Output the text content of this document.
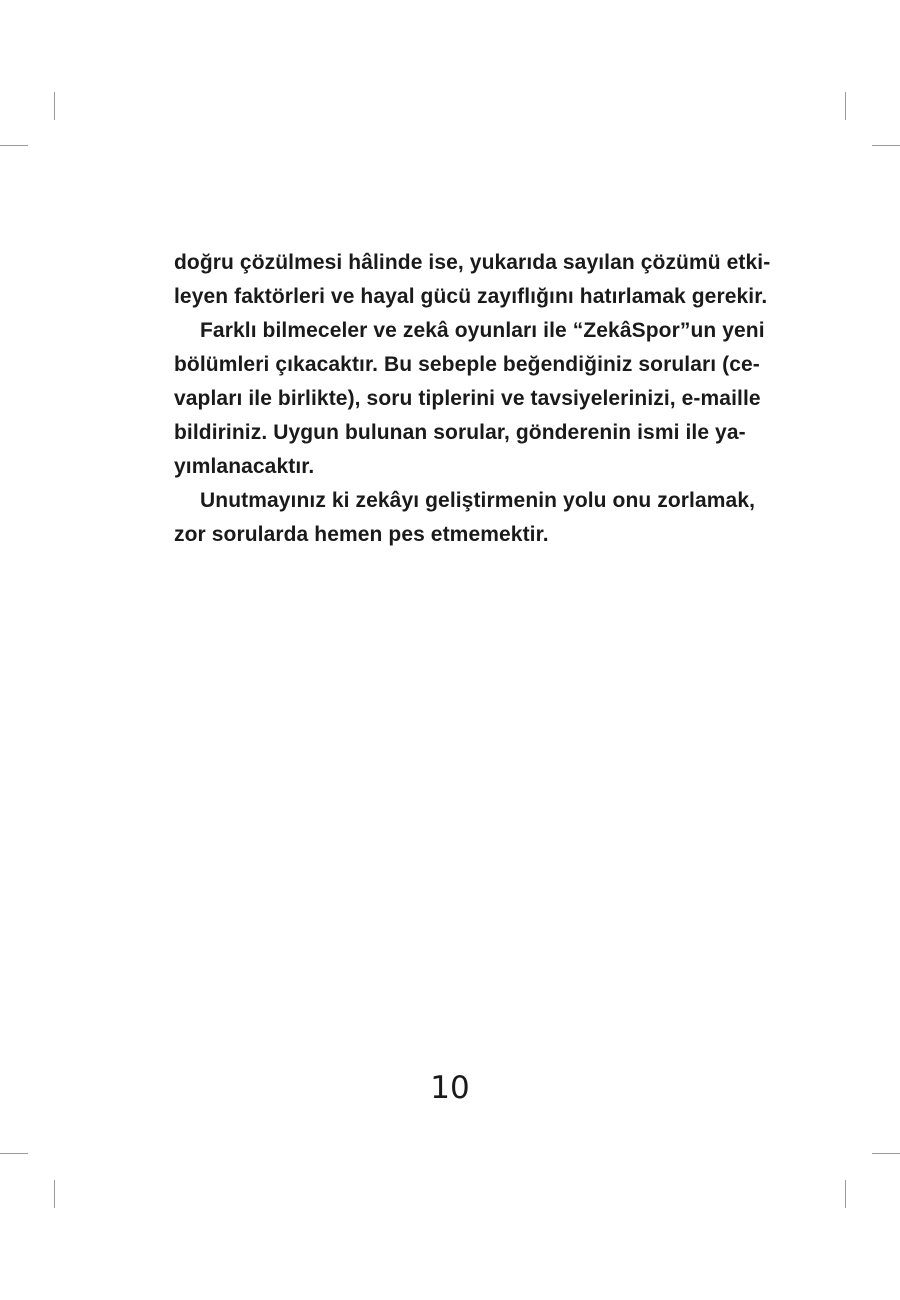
doğru çözülmesi hâlinde ise, yukarıda sayılan çözümü etki-
leyen faktörleri ve hayal gücü zayıflığını hatırlamak gerekir.
Farklı bilmeceler ve zekâ oyunları ile “ZekâSpor”un yeni
bölümleri çıkacaktır. Bu sebeple beğendiğiniz soruları (ce-
vapları ile birlikte), soru tiplerini ve tavsiyelerinizi, e-maille
bildiriniz. Uygun bulunan sorular, gönderenin ismi ile ya-
yımlanacaktır.
Unutmayınız ki zekâyı geliştirmenin yolu onu zorlamak,
zor sorularda hemen pes etmemektir.
10
